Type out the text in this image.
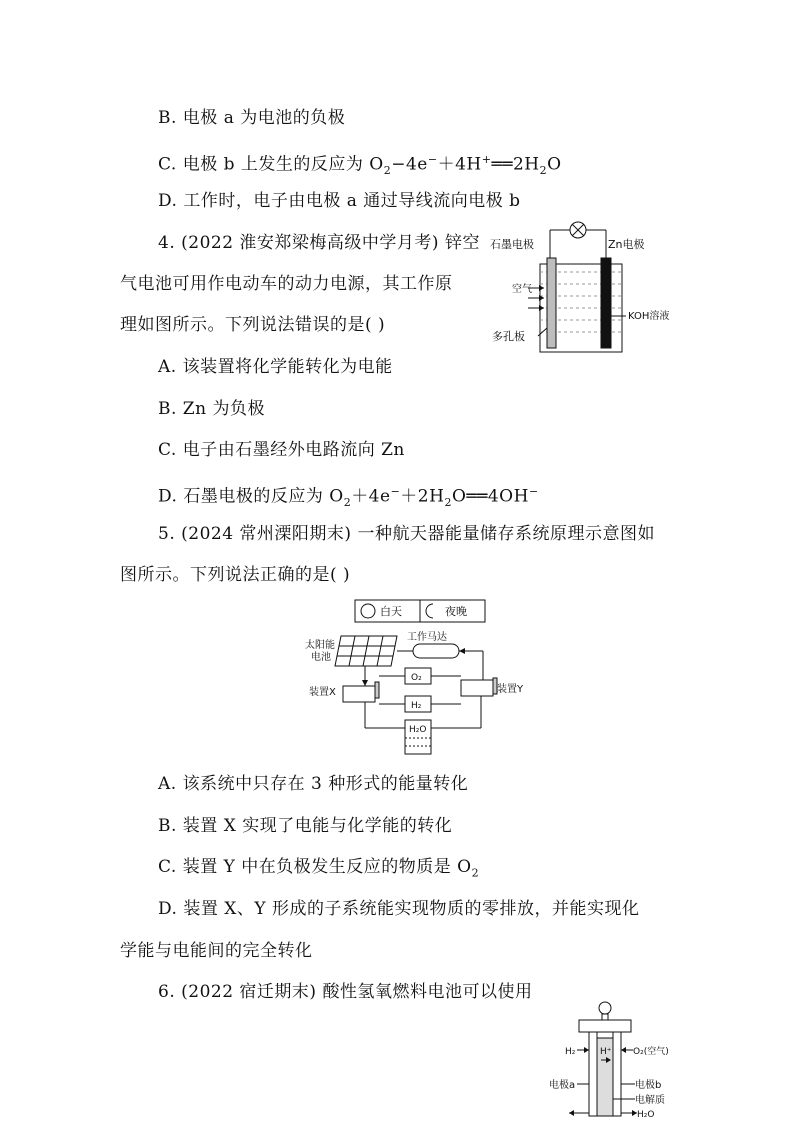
B. 电极 a 为电池的负极
C. 电极 b 上发生的反应为 $O_2-4e^-+4H^+══2H_2O$
D. 工作时，电子由电极 a 通过导线流向电极 b
4. (2022 淮安郑梁梅高级中学月考) 锌空
气电池可用作电动车的动力电源，其工作原
理如图所示。下列说法错误的是( )
石墨电极	Zn电极
空气
KOH溶液
多孔板
A. 该装置将化学能转化为电能
B. Zn 为负极
C. 电子由石墨经外电路流向 Zn
D. 石墨电极的反应为 $O_2+4e^-+2H_2O══4OH^-$
5. (2024 常州溧阳期末) 一种航天器能量储存系统原理示意图如
图所示。下列说法正确的是( )
白天	夜晚
太阳能
电池
工作马达
装置X
O₂
H₂
装置Y
H₂O
A. 该系统中只存在 3 种形式的能量转化
B. 装置 X 实现了电能与化学能的转化
C. 装置 Y 中在负极发生反应的物质是 $O_2$
D. 装置 X、Y 形成的子系统能实现物质的零排放，并能实现化
学能与电能间的完全转化
6. (2022 宿迁期末) 酸性氢氧燃料电池可以使用
H⁺
H₂	O₂(空气)
电极a	电极b
电解质
H₂O
